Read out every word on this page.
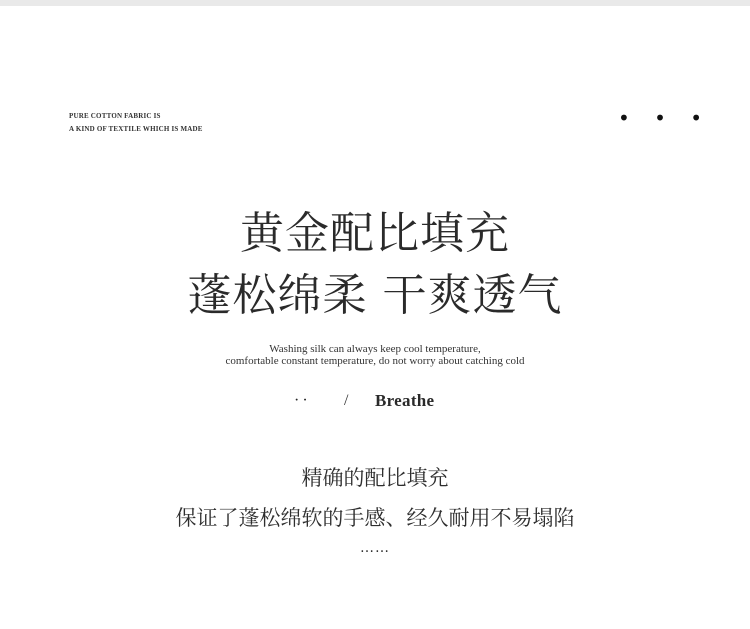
PURE COTTON FABRIC IS
A KIND OF TEXTILE WHICH IS MADE	• • •
黄金配比填充
蓬松绵柔 干爽透气
Washing silk can always keep cool temperature,
comfortable constant temperature, do not worry about catching cold
·· / Breathe
精确的配比填充
保证了蓬松绵软的手感、经久耐用不易塌陷
……
